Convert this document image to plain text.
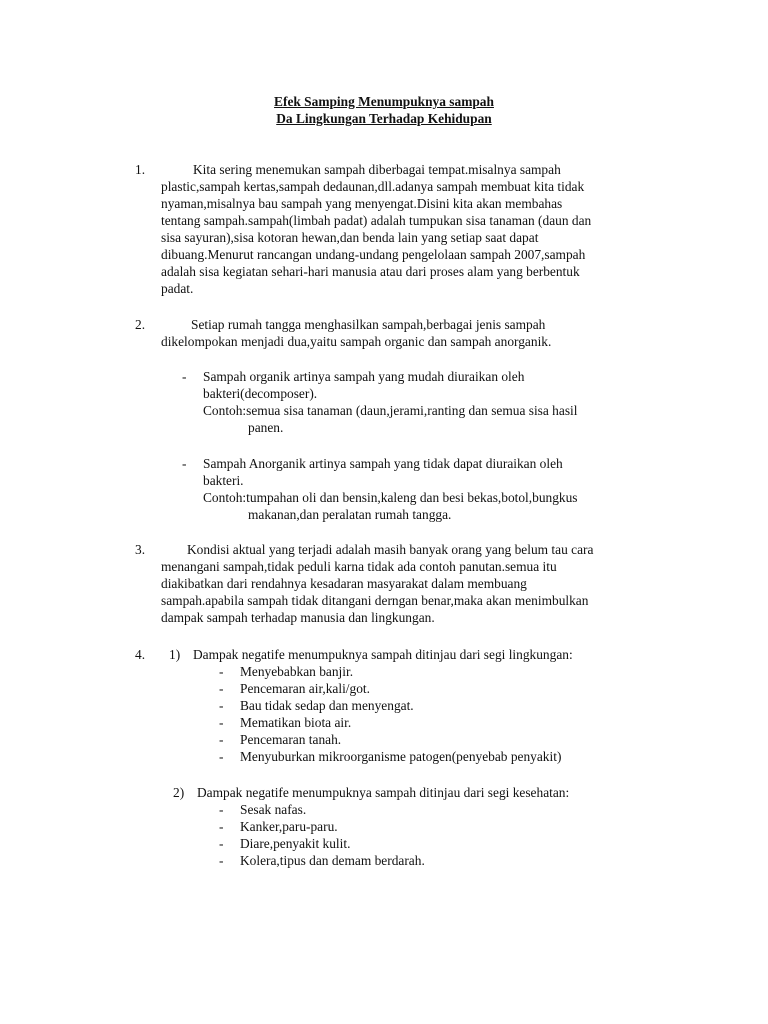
Efek Samping Menumpuknya sampah
Da Lingkungan Terhadap Kehidupan
1.	Kita sering menemukan sampah diberbagai tempat.misalnya sampah
plastic,sampah kertas,sampah dedaunan,dll.adanya sampah membuat kita tidak
nyaman,misalnya bau sampah yang menyengat.Disini kita akan membahas
tentang sampah.sampah(limbah padat) adalah tumpukan sisa tanaman (daun dan
sisa sayuran),sisa kotoran hewan,dan benda lain yang setiap saat dapat
dibuang.Menurut rancangan undang-undang pengelolaan sampah 2007,sampah
adalah sisa kegiatan sehari-hari manusia atau dari proses alam yang berbentuk
padat.
2.	Setiap rumah tangga menghasilkan sampah,berbagai jenis sampah
dikelompokan menjadi dua,yaitu sampah organic dan sampah anorganik.
- Sampah organik artinya sampah yang mudah diuraikan oleh
bakteri(decomposer).
Contoh:semua sisa tanaman (daun,jerami,ranting dan semua sisa hasil
panen.
- Sampah Anorganik artinya sampah yang tidak dapat diuraikan oleh
bakteri.
Contoh:tumpahan oli dan bensin,kaleng dan besi bekas,botol,bungkus
makanan,dan peralatan rumah tangga.
3.	Kondisi aktual yang terjadi adalah masih banyak orang yang belum tau cara
menangani sampah,tidak peduli karna tidak ada contoh panutan.semua itu
diakibatkan dari rendahnya kesadaran masyarakat dalam membuang
sampah.apabila sampah tidak ditangani derngan benar,maka akan menimbulkan
dampak sampah terhadap manusia dan lingkungan.
4. 1) Dampak negatife menumpuknya sampah ditinjau dari segi lingkungan:
- Menyebabkan banjir.
- Pencemaran air,kali/got.
- Bau tidak sedap dan menyengat.
- Mematikan biota air.
- Pencemaran tanah.
- Menyuburkan mikroorganisme patogen(penyebab penyakit)
2) Dampak negatife menumpuknya sampah ditinjau dari segi kesehatan:
- Sesak nafas.
- Kanker,paru-paru.
- Diare,penyakit kulit.
- Kolera,tipus dan demam berdarah.
